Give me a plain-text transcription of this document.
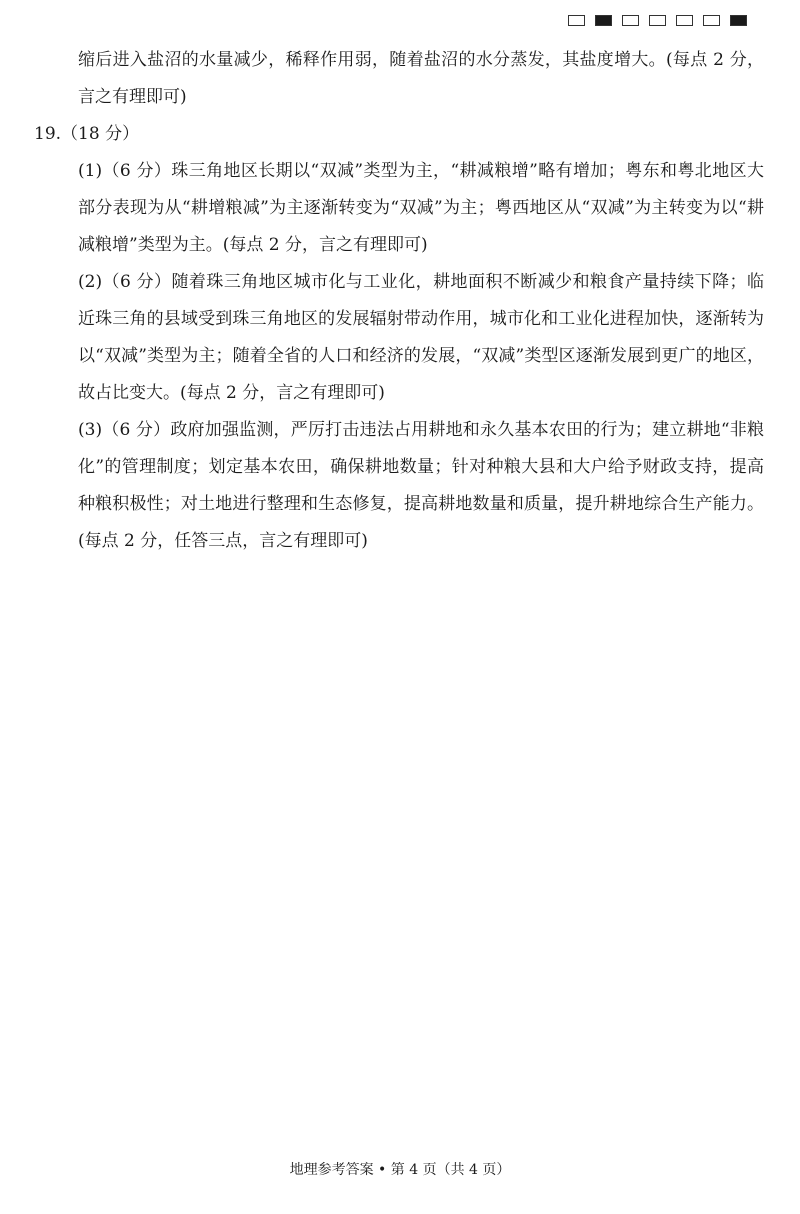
缩后进入盐沼的水量减少，稀释作用弱，随着盐沼的水分蒸发，其盐度增大。(每点 2 分，言之有理即可)

19.（18 分）

(1)（6 分）珠三角地区长期以“双减”类型为主，“耕减粮增”略有增加；粤东和粤北地区大部分表现为从“耕增粮减”为主逐渐转变为“双减”为主；粤西地区从“双减”为主转变为以“耕减粮增”类型为主。(每点 2 分，言之有理即可)

(2)（6 分）随着珠三角地区城市化与工业化，耕地面积不断减少和粮食产量持续下降；临近珠三角的县域受到珠三角地区的发展辐射带动作用，城市化和工业化进程加快，逐渐转为以“双减”类型为主；随着全省的人口和经济的发展，“双减”类型区逐渐发展到更广的地区，故占比变大。(每点 2 分，言之有理即可)

(3)（6 分）政府加强监测，严厉打击违法占用耕地和永久基本农田的行为；建立耕地“非粮化”的管理制度；划定基本农田，确保耕地数量；针对种粮大县和大户给予财政支持，提高种粮积极性；对土地进行整理和生态修复，提高耕地数量和质量，提升耕地综合生产能力。(每点 2 分，任答三点，言之有理即可)

地理参考答案 • 第 4 页（共 4 页）
